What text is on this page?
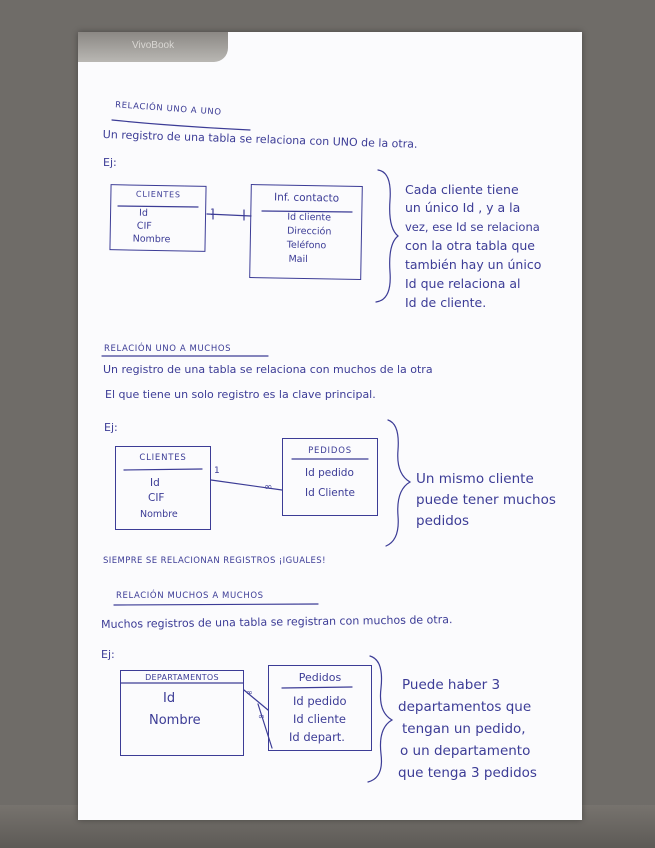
VivoBook
RELACIÓN UNO A UNO
Un registro de una tabla se relaciona con UNO de la otra.
Ej:
CLIENTES
Id
CIF
Nombre
1
Inf. contacto
Id cliente
Dirección
Teléfono
Mail
Cada cliente tiene
un único Id , y a la
vez, ese Id se relaciona
con la otra tabla que
también hay un único
Id que relaciona al
Id de cliente.
RELACIÓN UNO A MUCHOS
Un registro de una tabla se relaciona con muchos de la otra
El que tiene un solo registro es la clave principal.
Ej:
CLIENTES
Id
CIF
Nombre
1
∞
PEDIDOS
Id pedido
Id Cliente
Un mismo cliente
puede tener muchos
pedidos
SIEMPRE SE RELACIONAN REGISTROS ¡IGUALES!
RELACIÓN MUCHOS A MUCHOS
Muchos registros de una tabla se registran con muchos de otra.
Ej:
DEPARTAMENTOS
Id
Nombre
∞
∞
Pedidos
Id pedido
Id cliente
Id depart.
Puede haber 3
departamentos que
tengan un pedido,
o un departamento
que tenga 3 pedidos
